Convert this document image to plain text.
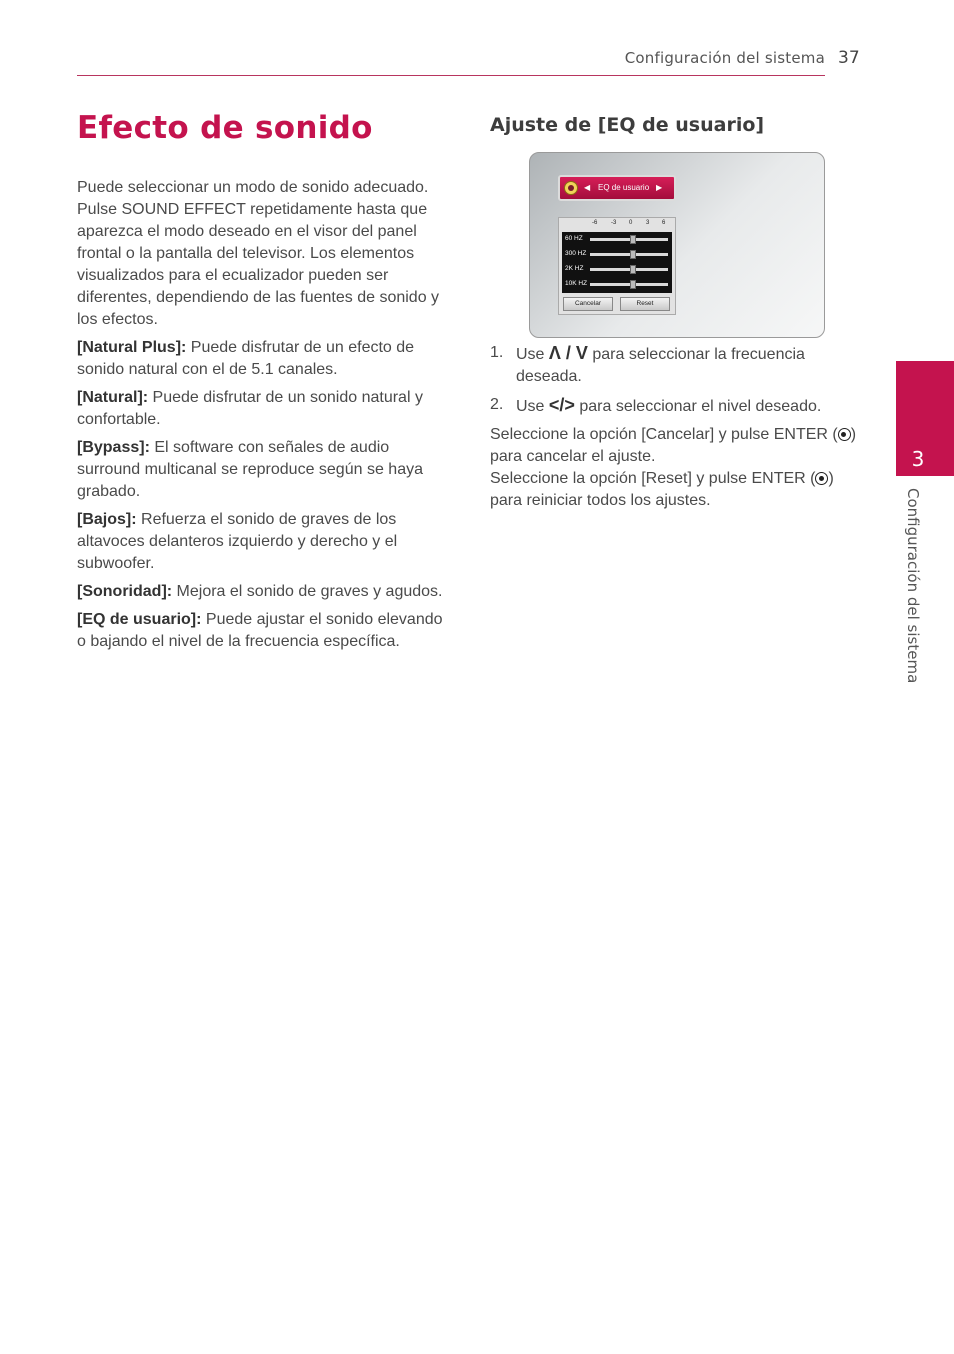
Configuración del sistema 37
Efecto de sonido

Puede seleccionar un modo de sonido adecuado. Pulse SOUND EFFECT repetidamente hasta que aparezca el modo deseado en el visor del panel frontal o la pantalla del televisor. Los elementos visualizados para el ecualizador pueden ser diferentes, dependiendo de las fuentes de sonido y los efectos.

[Natural Plus]: Puede disfrutar de un efecto de sonido natural con el de 5.1 canales.

[Natural]: Puede disfrutar de un sonido natural y confortable.

[Bypass]: El software con señales de audio surround multicanal se reproduce según se haya grabado.

[Bajos]: Refuerza el sonido de graves de los altavoces delanteros izquierdo y derecho y el subwoofer.

[Sonoridad]: Mejora el sonido de graves y agudos.

[EQ de usuario]: Puede ajustar el sonido elevando o bajando el nivel de la frecuencia específica.

Ajuste de [EQ de usuario]
◀ EQ de usuario ▶
-6 -3 0 3 6
60 HZ
300 HZ
2K HZ
10K HZ
Cancelar	Reset
1. Use Λ / V para seleccionar la frecuencia deseada.
2. Use </> para seleccionar el nivel deseado.

Seleccione la opción [Cancelar] y pulse ENTER ( ) para cancelar el ajuste.

Seleccione la opción [Reset] y pulse ENTER ( ) para reiniciar todos los ajustes.

3
Configuración del sistema
